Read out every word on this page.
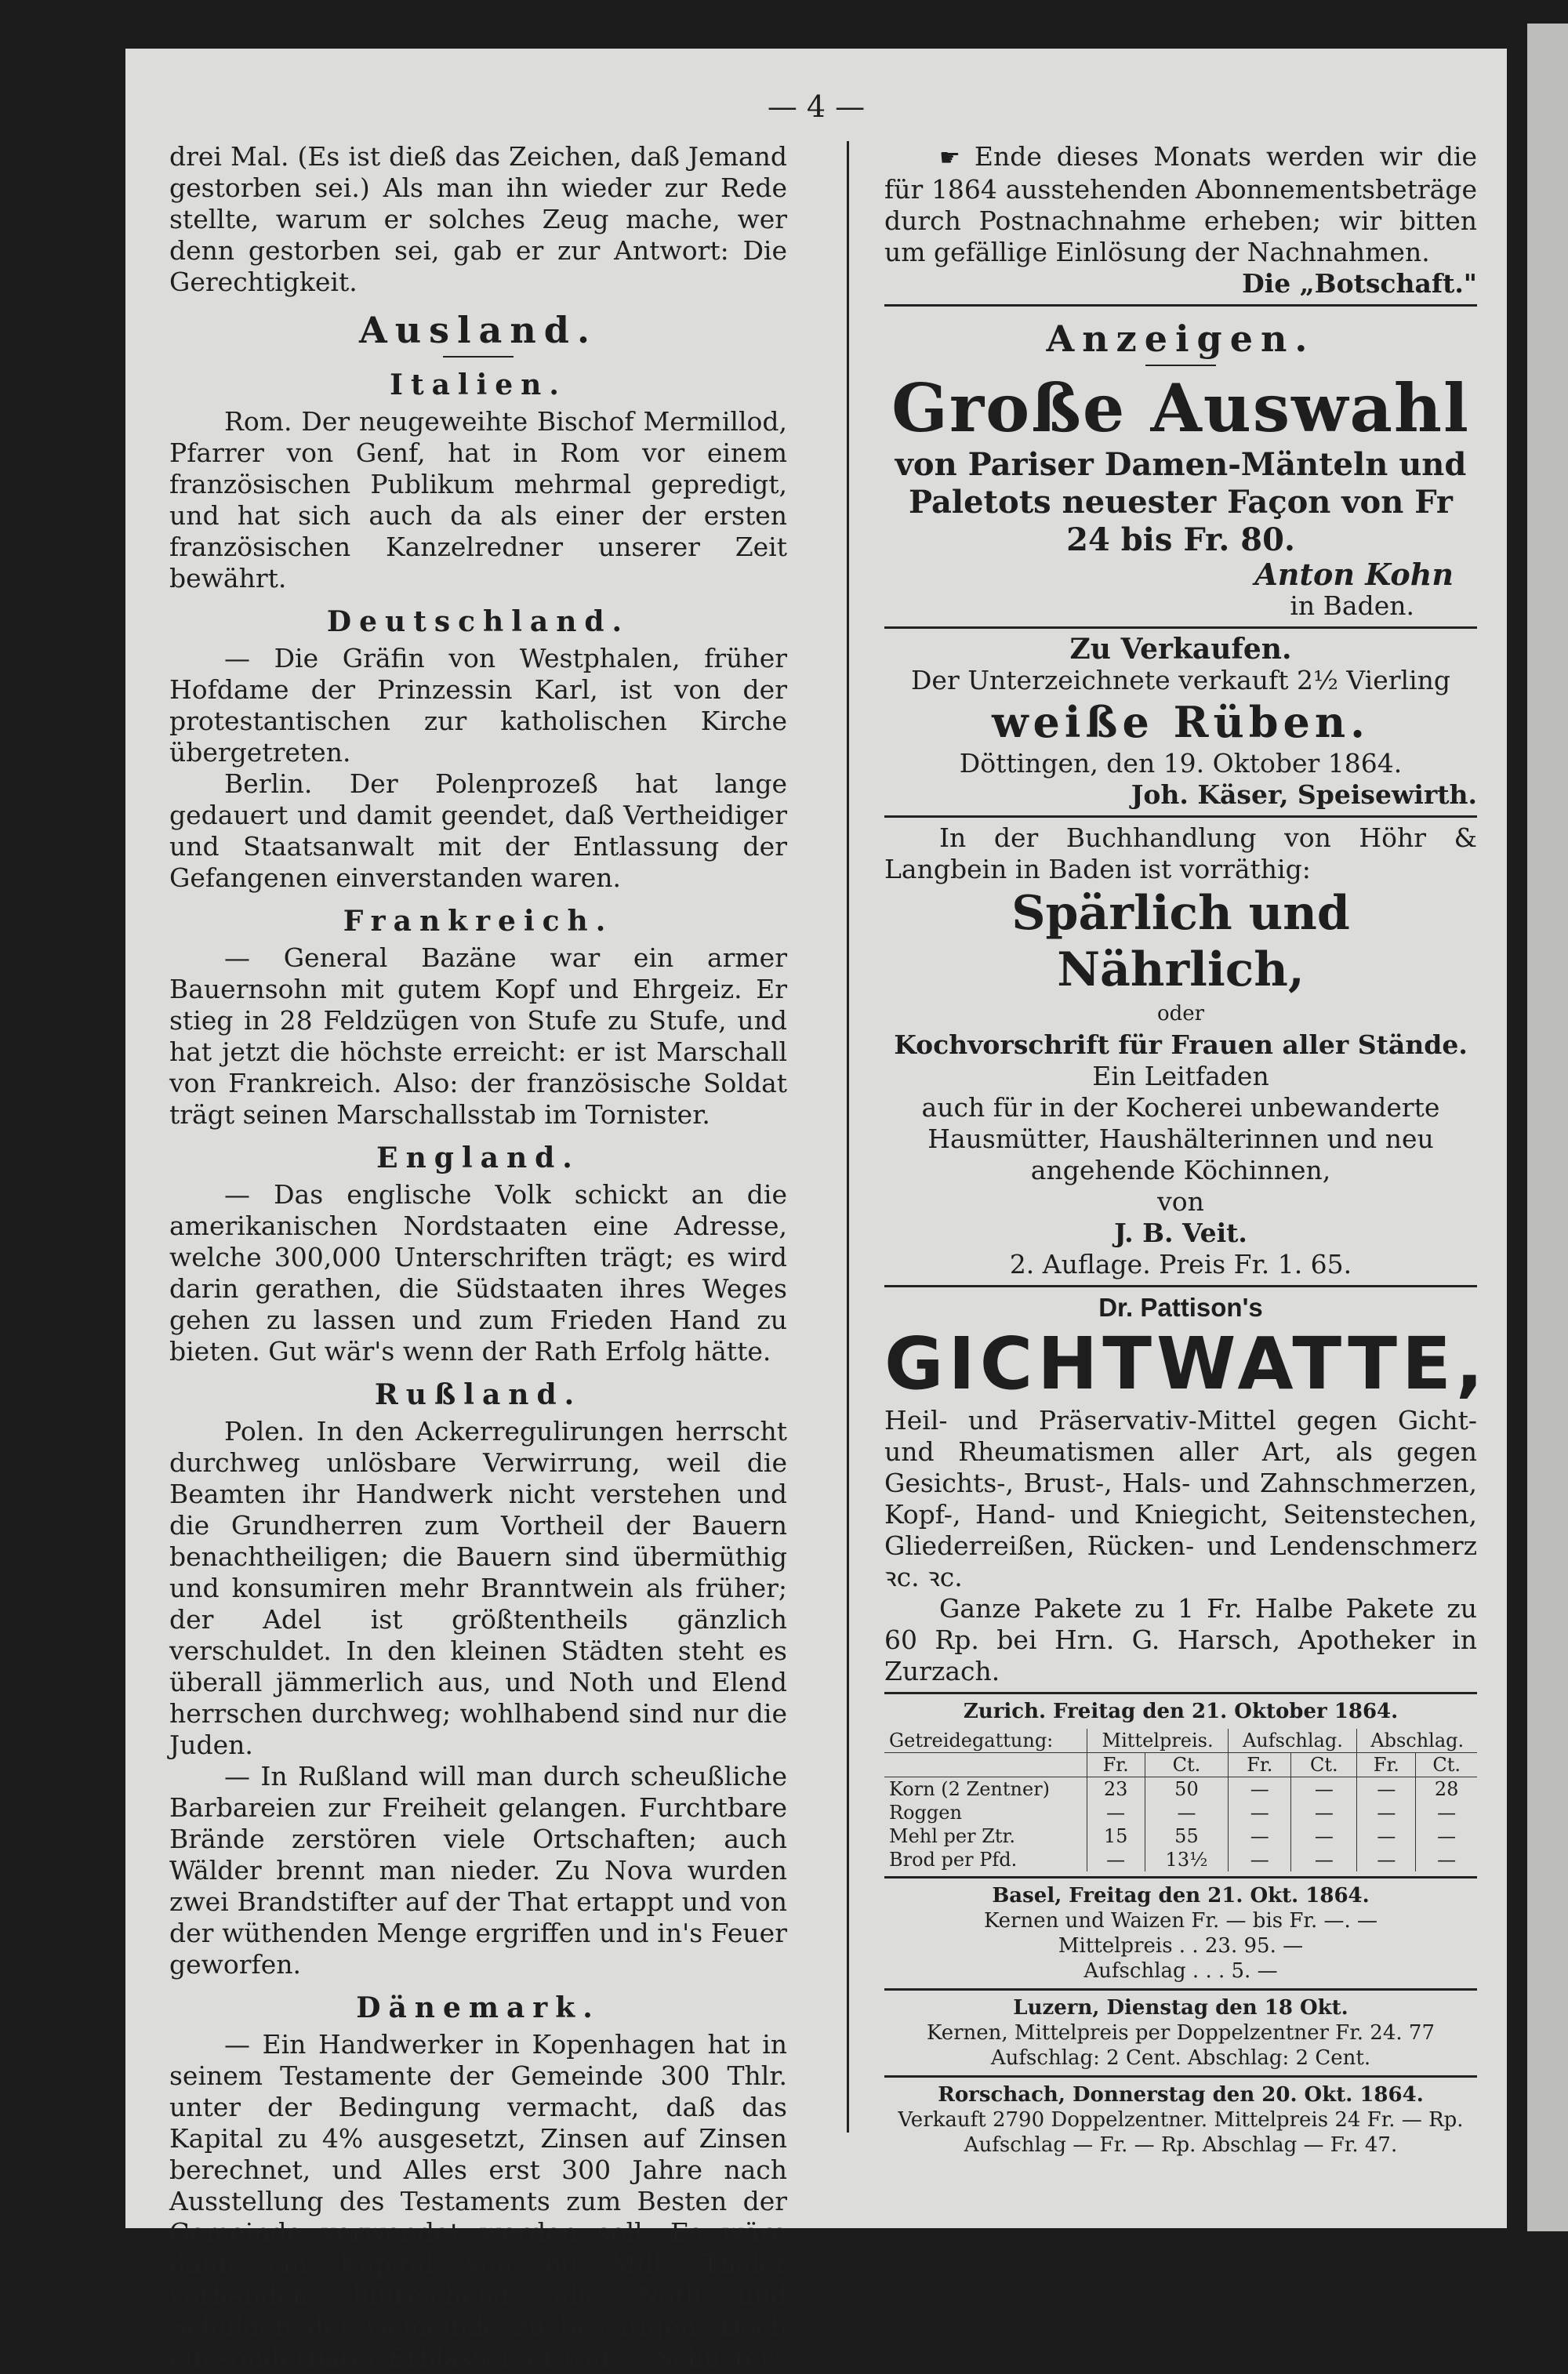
— 4 —

drei Mal. (Es ist dieß das Zeichen, daß Jemand gestorben sei.) Als man ihn wieder zur Rede stellte, warum er solches Zeug mache, wer denn gestorben sei, gab er zur Antwort: Die Gerechtigkeit.

Ausland.
Italien.

Rom. Der neugeweihte Bischof Mermillod, Pfarrer von Genf, hat in Rom vor einem französischen Publikum mehrmal gepredigt, und hat sich auch da als einer der ersten französischen Kanzelredner unserer Zeit bewährt.

Deutschland.

— Die Gräfin von Westphalen, früher Hofdame der Prinzessin Karl, ist von der protestantischen zur katholischen Kirche übergetreten.

Berlin. Der Polenprozeß hat lange gedauert und damit geendet, daß Vertheidiger und Staatsanwalt mit der Entlassung der Gefangenen einverstanden waren.

Frankreich.

— General Bazäne war ein armer Bauernsohn mit gutem Kopf und Ehrgeiz. Er stieg in 28 Feldzügen von Stufe zu Stufe, und hat jetzt die höchste erreicht: er ist Marschall von Frankreich. Also: der französische Soldat trägt seinen Marschallsstab im Tornister.

England.

— Das englische Volk schickt an die amerikanischen Nordstaaten eine Adresse, welche 300,000 Unterschriften trägt; es wird darin gerathen, die Südstaaten ihres Weges gehen zu lassen und zum Frieden Hand zu bieten. Gut wär's wenn der Rath Erfolg hätte.

Rußland.

Polen. In den Ackerregulirungen herrscht durchweg unlösbare Verwirrung, weil die Beamten ihr Handwerk nicht verstehen und die Grundherren zum Vortheil der Bauern benachtheiligen; die Bauern sind übermüthig und konsumiren mehr Branntwein als früher; der Adel ist größtentheils gänzlich verschuldet. In den kleinen Städten steht es überall jämmerlich aus, und Noth und Elend herrschen durchweg; wohlhabend sind nur die Juden.

— In Rußland will man durch scheußliche Barbareien zur Freiheit gelangen. Furchtbare Brände zerstören viele Ortschaften; auch Wälder brennt man nieder. Zu Nova wurden zwei Brandstifter auf der That ertappt und von der wüthenden Menge ergriffen und in's Feuer geworfen.

Dänemark.

— Ein Handwerker in Kopenhagen hat in seinem Testamente der Gemeinde 300 Thlr. unter der Bedingung vermacht, daß das Kapital zu 4% ausgesetzt, Zinsen auf Zinsen berechnet, und Alles erst 300 Jahre nach Ausstellung des Testaments zum Besten der Gemeinde verwendet werden soll. Es wäre dann ein Kapital von 80 Mill. Thaler vorhanden, hinreichend, alle Noth und Schulden der Gemeinde zu beseitigen. Doch ein sonderbarer Erblasser, er war — Schuster!

☛ Ende dieses Monats werden wir die für 1864 ausstehenden Abonnementsbeträge durch Postnachnahme erheben; wir bitten um gefällige Einlösung der Nachnahmen.

Die „Botschaft."

Anzeigen.
Große Auswahl
von Pariser Damen-Mänteln und Paletots neuester Façon von Fr 24 bis Fr. 80.

Anton Kohn

in Baden.

Zu Verkaufen.

Der Unterzeichnete verkauft 2½ Vierling

weiße Rüben.

Döttingen, den 19. Oktober 1864.

Joh. Käser, Speisewirth.

In der Buchhandlung von Höhr & Langbein in Baden ist vorräthig:

Spärlich und Nährlich,

oder

Kochvorschrift für Frauen aller Stände.

Ein Leitfaden

auch für in der Kocherei unbewanderte Hausmütter, Haushälterinnen und neu angehende Köchinnen,

von

J. B. Veit.

2. Auflage. Preis Fr. 1. 65.

Dr. Pattison's

GICHTWATTE,

Heil- und Präservativ-Mittel gegen Gicht- und Rheumatismen aller Art, als gegen Gesichts-, Brust-, Hals- und Zahnschmerzen, Kopf-, Hand- und Kniegicht, Seitenstechen, Gliederreißen, Rücken- und Lendenschmerz ꝛc. ꝛc.

Ganze Pakete zu 1 Fr. Halbe Pakete zu 60 Rp. bei Hrn. G. Harsch, Apotheker in Zurzach.

Zurich. Freitag den 21. Oktober 1864.

Getreidegattung:	Mittelpreis.		Aufschlag.		Abschlag.	
	Fr.	Ct.	Fr.	Ct.	Fr.	Ct.
Korn (2 Zentner)	23	50	—	—	—	28
Roggen	—	—	—	—	—	—
Mehl per Ztr.	15	55	—	—	—	—
Brod per Pfd.	—	13½	—	—	—	—

Basel, Freitag den 21. Okt. 1864.

Kernen und Waizen Fr. — bis Fr. —. —

Mittelpreis . . 23. 95. —

Aufschlag . . . 5. —

Luzern, Dienstag den 18 Okt.

Kernen, Mittelpreis per Doppelzentner Fr. 24. 77

Aufschlag: 2 Cent. Abschlag: 2 Cent.

Rorschach, Donnerstag den 20. Okt. 1864.

Verkauft 2790 Doppelzentner. Mittelpreis 24 Fr. — Rp.

Aufschlag — Fr. — Rp. Abschlag — Fr. 47.
